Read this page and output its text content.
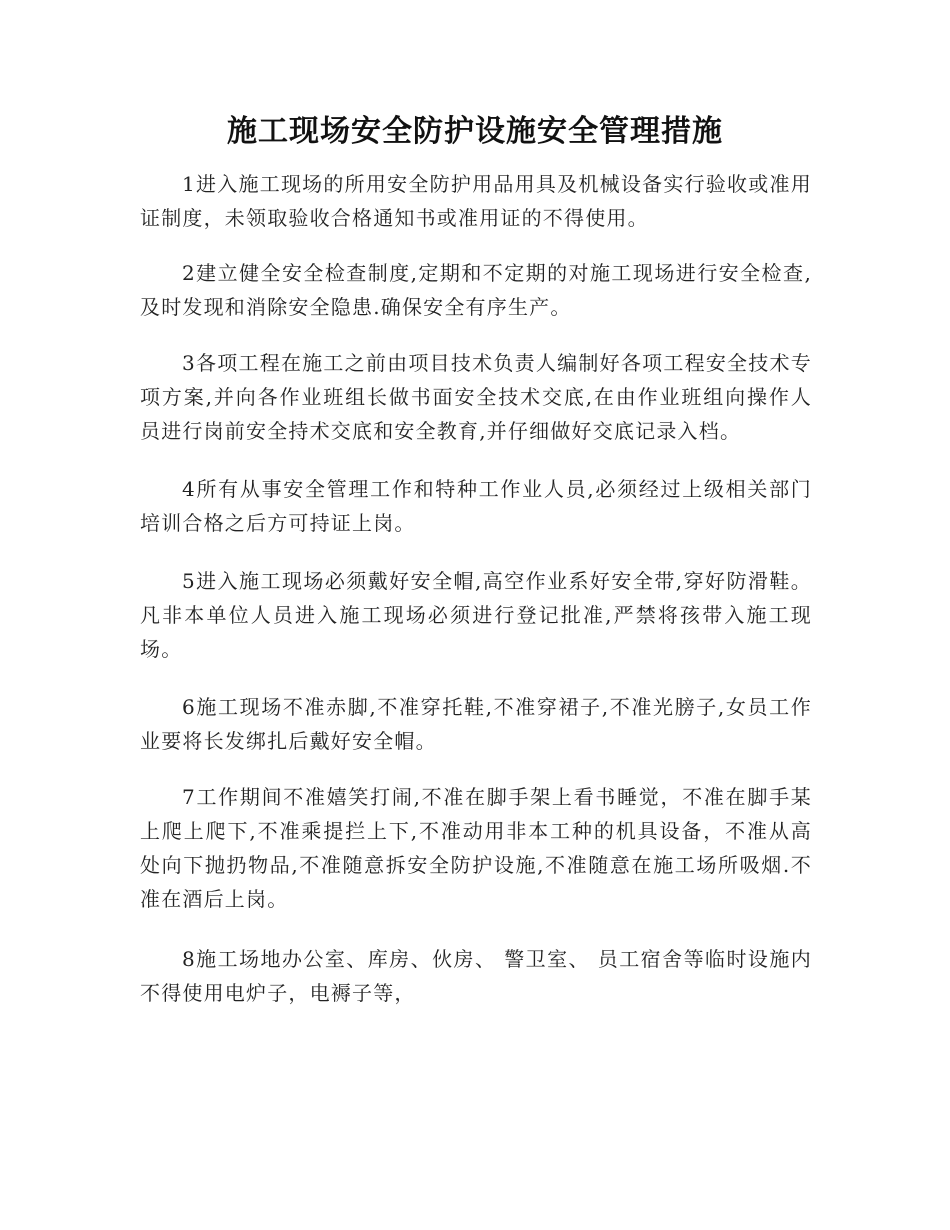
施工现场安全防护设施安全管理措施

1进入施工现场的所用安全防护用品用具及机械设备实行验收或准用证制度，未领取验收合格通知书或准用证的不得使用。

2建立健全安全检查制度,定期和不定期的对施工现场进行安全检查,及时发现和消除安全隐患.确保安全有序生产。

3各项工程在施工之前由项目技术负责人编制好各项工程安全技术专项方案,并向各作业班组长做书面安全技术交底,在由作业班组向操作人员进行岗前安全持术交底和安全教育,并仔细做好交底记录入档。

4所有从事安全管理工作和特种工作业人员,必须经过上级相关部门培训合格之后方可持证上岗。

5进入施工现场必须戴好安全帽,高空作业系好安全带,穿好防滑鞋。凡非本单位人员进入施工现场必须进行登记批准,严禁将孩带入施工现场。

6施工现场不准赤脚,不准穿托鞋,不准穿裙子,不准光膀子,女员工作业要将长发绑扎后戴好安全帽。

7工作期间不准嬉笑打闹,不准在脚手架上看书睡觉，不准在脚手某上爬上爬下,不准乘提拦上下,不准动用非本工种的机具设备，不准从高处向下抛扔物品,不准随意拆安全防护设施,不准随意在施工场所吸烟.不准在酒后上岗。

8施工场地办公室、库房、伙房、 警卫室、 员工宿舍等临时设施内不得使用电炉子，电褥子等，
